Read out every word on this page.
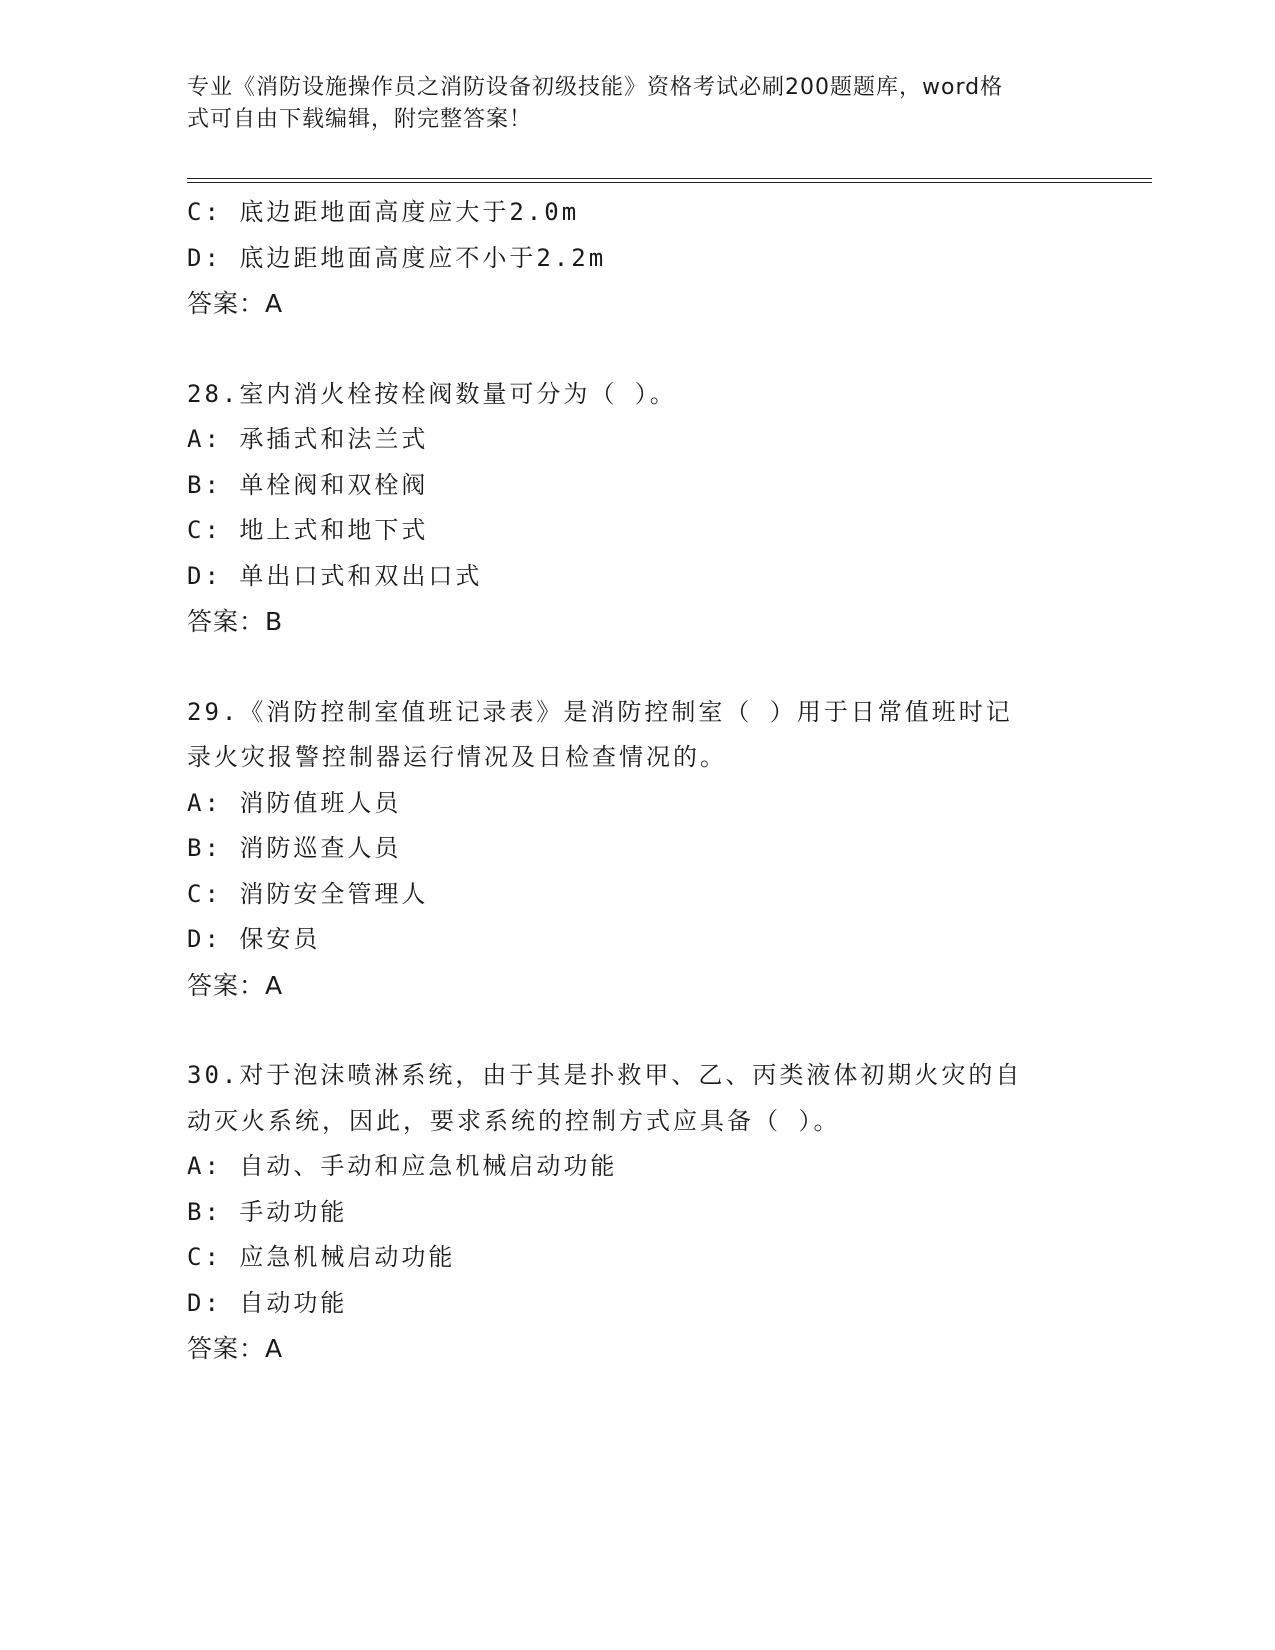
专业《消防设施操作员之消防设备初级技能》资格考试必刷200题题库，word格
式可自由下载编辑，附完整答案！
C: 底边距地面高度应大于2.0m
D: 底边距地面高度应不小于2.2m
答案：A
28.室内消火栓按栓阀数量可分为（ ）。
A: 承插式和法兰式
B: 单栓阀和双栓阀
C: 地上式和地下式
D: 单出口式和双出口式
答案：B
29.《消防控制室值班记录表》是消防控制室（ ）用于日常值班时记
录火灾报警控制器运行情况及日检查情况的。
A: 消防值班人员
B: 消防巡查人员
C: 消防安全管理人
D: 保安员
答案：A
30.对于泡沫喷淋系统，由于其是扑救甲、乙、丙类液体初期火灾的自
动灭火系统，因此，要求系统的控制方式应具备（ ）。
A: 自动、手动和应急机械启动功能
B: 手动功能
C: 应急机械启动功能
D: 自动功能
答案：A
